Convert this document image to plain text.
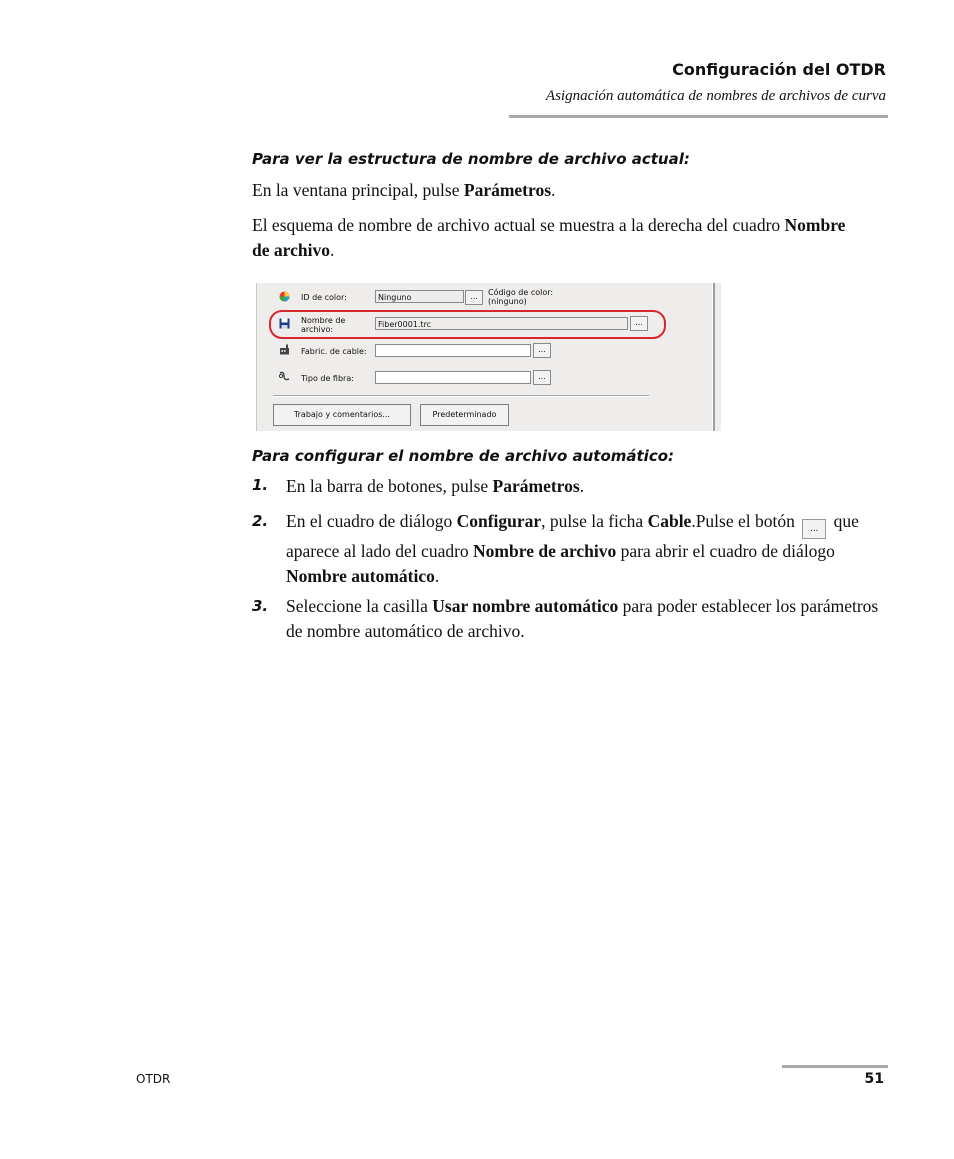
Configuración del OTDR
Asignación automática de nombres de archivos de curva
Para ver la estructura de nombre de archivo actual:
En la ventana principal, pulse Parámetros.
El esquema de nombre de archivo actual se muestra a la derecha del cuadro Nombre de archivo.
ID de color:	Ninguno	...	Código de color:
(ninguno)
Nombre de
archivo:
Fiber0001.trc	...
Fabric. de cable:	...
Tipo de fibra:	...
Trabajo y comentarios...	Predeterminado
Para configurar el nombre de archivo automático:
1. En la barra de botones, pulse Parámetros.
2. En el cuadro de diálogo Configurar, pulse la ficha Cable.Pulse el botón ... que aparece al lado del cuadro Nombre de archivo para abrir el cuadro de diálogo Nombre automático.
3. Seleccione la casilla Usar nombre automático para poder establecer los parámetros de nombre automático de archivo.
OTDR	51
